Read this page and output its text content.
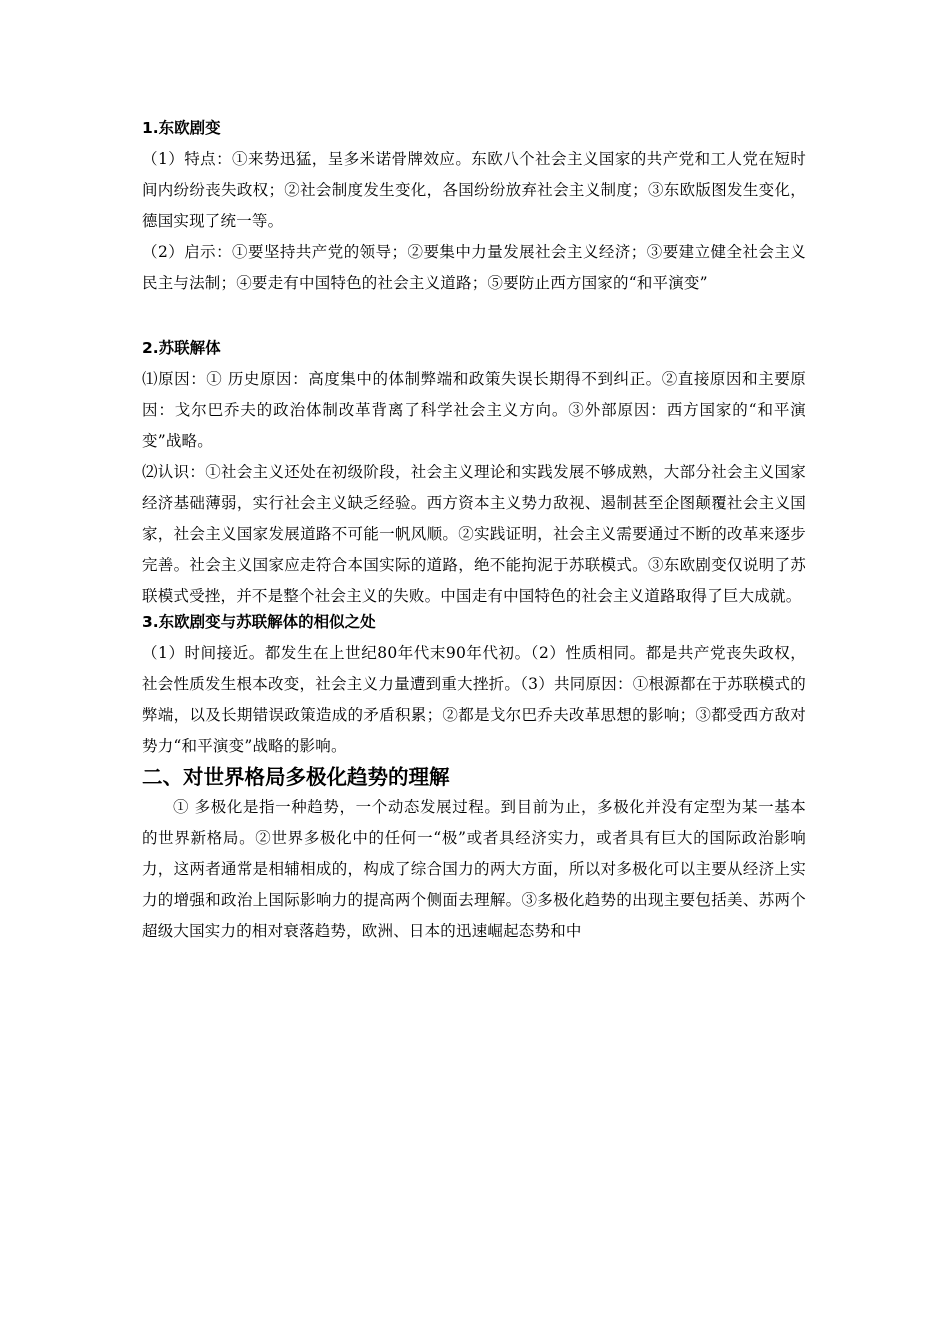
1.东欧剧变

（1）特点：①来势迅猛，呈多米诺骨牌效应。东欧八个社会主义国家的共产党和工人党在短时间内纷纷丧失政权；②社会制度发生变化，各国纷纷放弃社会主义制度；③东欧版图发生变化，德国实现了统一等。

（2）启示：①要坚持共产党的领导；②要集中力量发展社会主义经济；③要建立健全社会主义民主与法制；④要走有中国特色的社会主义道路；⑤要防止西方国家的“和平演变”

2.苏联解体

⑴原因：① 历史原因：高度集中的体制弊端和政策失误长期得不到纠正。②直接原因和主要原因：戈尔巴乔夫的政治体制改革背离了科学社会主义方向。③外部原因：西方国家的“和平演变”战略。

⑵认识：①社会主义还处在初级阶段，社会主义理论和实践发展不够成熟，大部分社会主义国家经济基础薄弱，实行社会主义缺乏经验。西方资本主义势力敌视、遏制甚至企图颠覆社会主义国家，社会主义国家发展道路不可能一帆风顺。②实践证明，社会主义需要通过不断的改革来逐步完善。社会主义国家应走符合本国实际的道路，绝不能拘泥于苏联模式。③东欧剧变仅说明了苏联模式受挫，并不是整个社会主义的失败。中国走有中国特色的社会主义道路取得了巨大成就。

3.东欧剧变与苏联解体的相似之处

（1）时间接近。都发生在上世纪80年代末90年代初。（2）性质相同。都是共产党丧失政权，社会性质发生根本改变，社会主义力量遭到重大挫折。（3）共同原因：①根源都在于苏联模式的弊端，以及长期错误政策造成的矛盾积累；②都是戈尔巴乔夫改革思想的影响；③都受西方敌对势力“和平演变”战略的影响。

二、对世界格局多极化趋势的理解

① 多极化是指一种趋势，一个动态发展过程。到目前为止，多极化并没有定型为某一基本的世界新格局。②世界多极化中的任何一“极”或者具经济实力，或者具有巨大的国际政治影响力，这两者通常是相辅相成的，构成了综合国力的两大方面，所以对多极化可以主要从经济上实力的增强和政治上国际影响力的提高两个侧面去理解。③多极化趋势的出现主要包括美、苏两个超级大国实力的相对衰落趋势，欧洲、日本的迅速崛起态势和中
